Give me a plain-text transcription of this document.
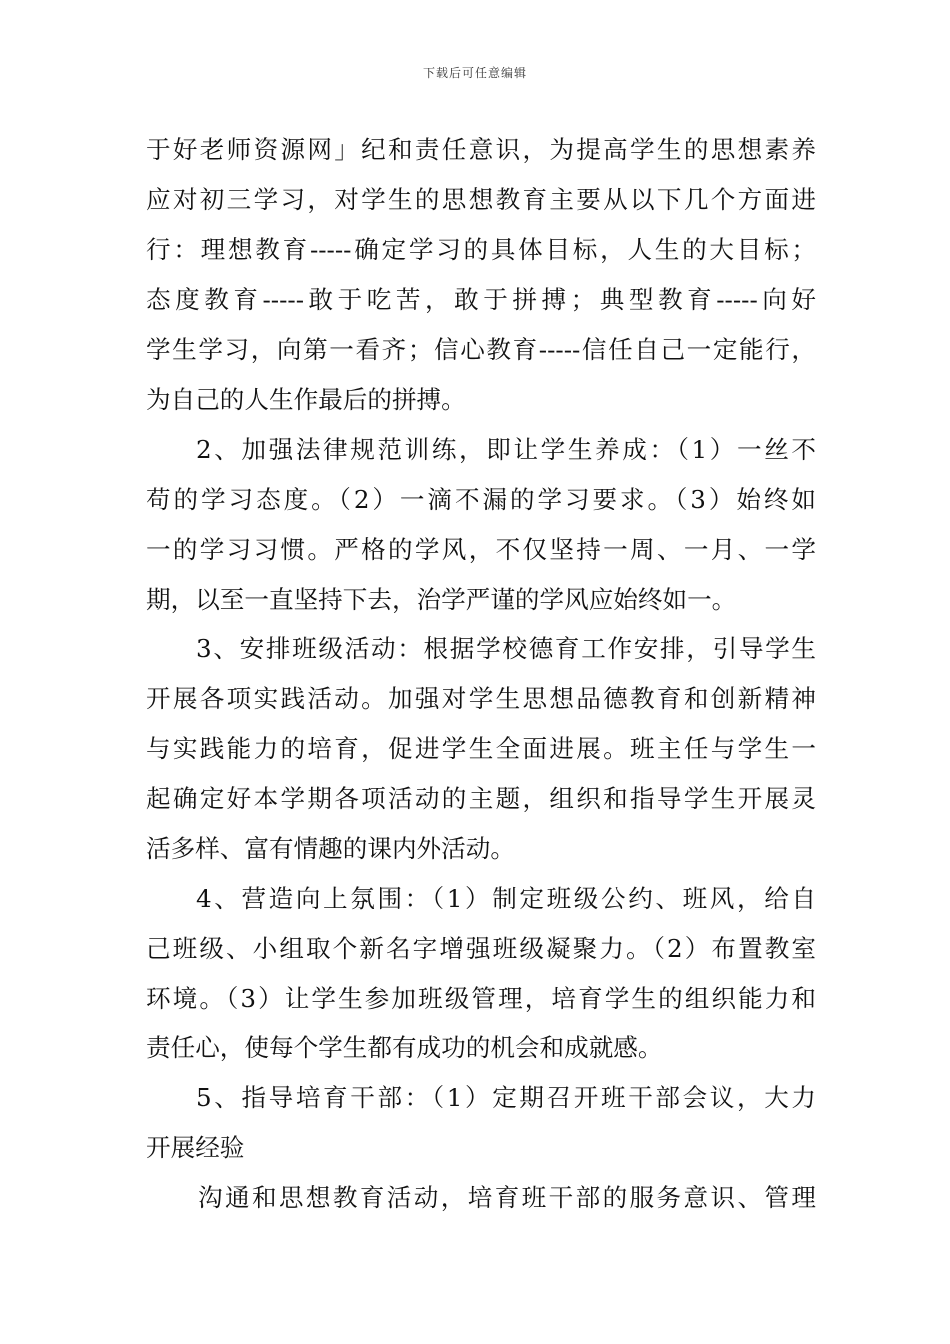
下载后可任意编辑
于好老师资源网」纪和责任意识，为提高学生的思想素养
应对初三学习，对学生的思想教育主要从以下几个方面进
行：理想教育-----确定学习的具体目标，人生的大目标；
态度教育-----敢于吃苦，敢于拼搏；典型教育-----向好
学生学习，向第一看齐；信心教育-----信任自己一定能行，
为自己的人生作最后的拼搏。
2、加强法律规范训练，即让学生养成：（1）一丝不
苟的学习态度。（2）一滴不漏的学习要求。（3）始终如
一的学习习惯。严格的学风，不仅坚持一周、一月、一学
期，以至一直坚持下去，治学严谨的学风应始终如一。
3、安排班级活动：根据学校德育工作安排，引导学生
开展各项实践活动。加强对学生思想品德教育和创新精神
与实践能力的培育，促进学生全面进展。班主任与学生一
起确定好本学期各项活动的主题，组织和指导学生开展灵
活多样、富有情趣的课内外活动。
4、营造向上氛围：（1）制定班级公约、班风，给自
己班级、小组取个新名字增强班级凝聚力。（2）布置教室
环境。（3）让学生参加班级管理，培育学生的组织能力和
责任心，使每个学生都有成功的机会和成就感。
5、指导培育干部：（1）定期召开班干部会议，大力
开展经验
沟通和思想教育活动，培育班干部的服务意识、管理
